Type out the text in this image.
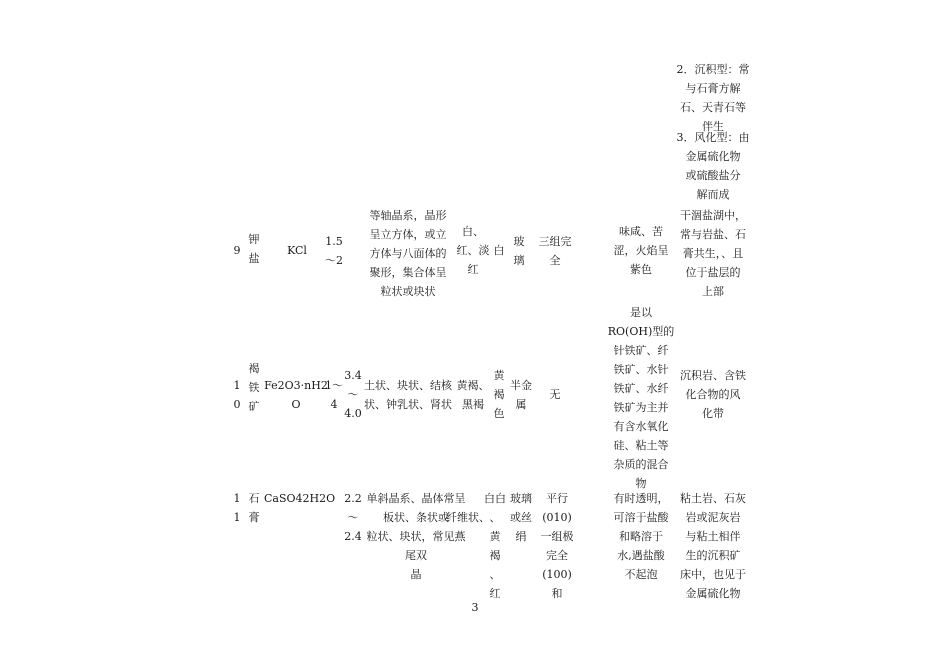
2．沉积型：常
与石膏方解
石、天青石等
伴生
3．风化型：由
金属硫化物
或硫酸盐分
解而成
9
钾
盐
KCl
1.5
～2
等轴晶系，晶形
呈立方体，或立
方体与八面体的
聚形，集合体呈
粒状或块状
白、
红、淡
红
白
玻
璃
三组完
全
味咸、苦
涩，火焰呈
紫色
干涸盐湖中，
常与岩盐、石
膏共生，、且
位于盐层的
上部
1
0
褐
铁
矿
Fe2O3·nH2
O
1～
4
3.4
～
4.0
土状、块状、结核
状、钟乳状、肾状
黄褐、
黑褐
黄
褐
色
半金
属
无
是以
RO(OH)型的
针铁矿、纤
铁矿、水针
铁矿、水纤
铁矿为主并
有含水氧化
硅、粘土等
杂质的混合
物
沉积岩、含铁
化合物的风
化带
1
1
石
膏
CaSO42H2O 2.2
～
2.4
单斜晶系、晶体常呈
板状、条状或
粒状、块状，常见燕尾双
晶
纤维状、
白白
、
黄
褐
、
红
玻璃
或丝
绢
平行
(010)
一组极
完全
(100)
和
有时透明，
可溶于盐酸
和略溶于
水,遇盐酸
不起泡
粘土岩、石灰
岩或泥灰岩
与粘土相伴
生的沉积矿
床中，也见于
金属硫化物
3
